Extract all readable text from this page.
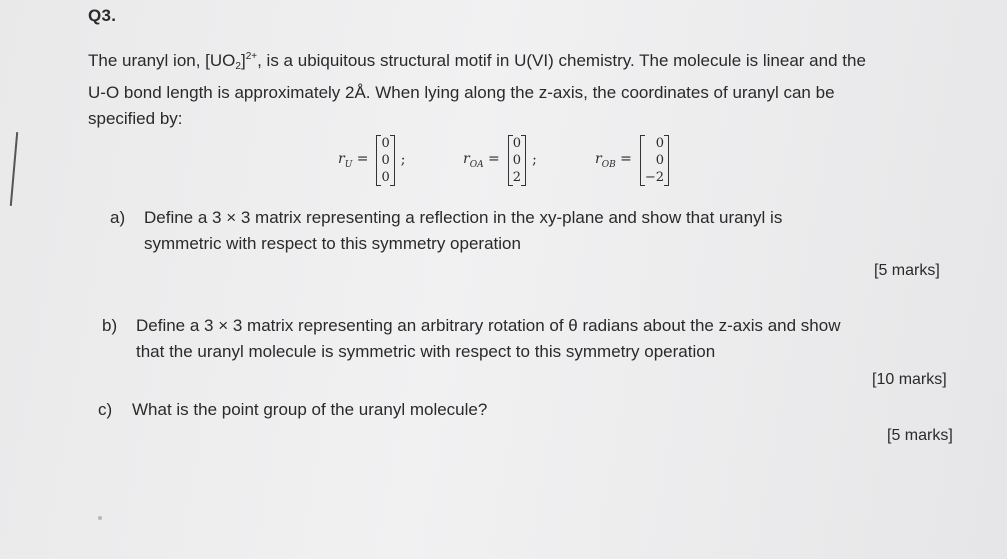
Q3.
The uranyl ion, $[UO_2]^{2+}$, is a ubiquitous structural motif in U(VI) chemistry. The molecule is linear and the
U-O bond length is approximately 2Å. When lying along the z-axis, the coordinates of uranyl can be
specified by:
$r_U$ =
0
0
0
;	$r_{OA}$ =
0
0
2
;	$r_{OB}$ =
0
0
−2
a) Define a 3 × 3 matrix representing a reflection in the xy-plane and show that uranyl is
symmetric with respect to this symmetry operation
[5 marks]
b) Define a 3 × 3 matrix representing an arbitrary rotation of θ radians about the z-axis and show
that the uranyl molecule is symmetric with respect to this symmetry operation
[10 marks]
c) What is the point group of the uranyl molecule?
[5 marks]
